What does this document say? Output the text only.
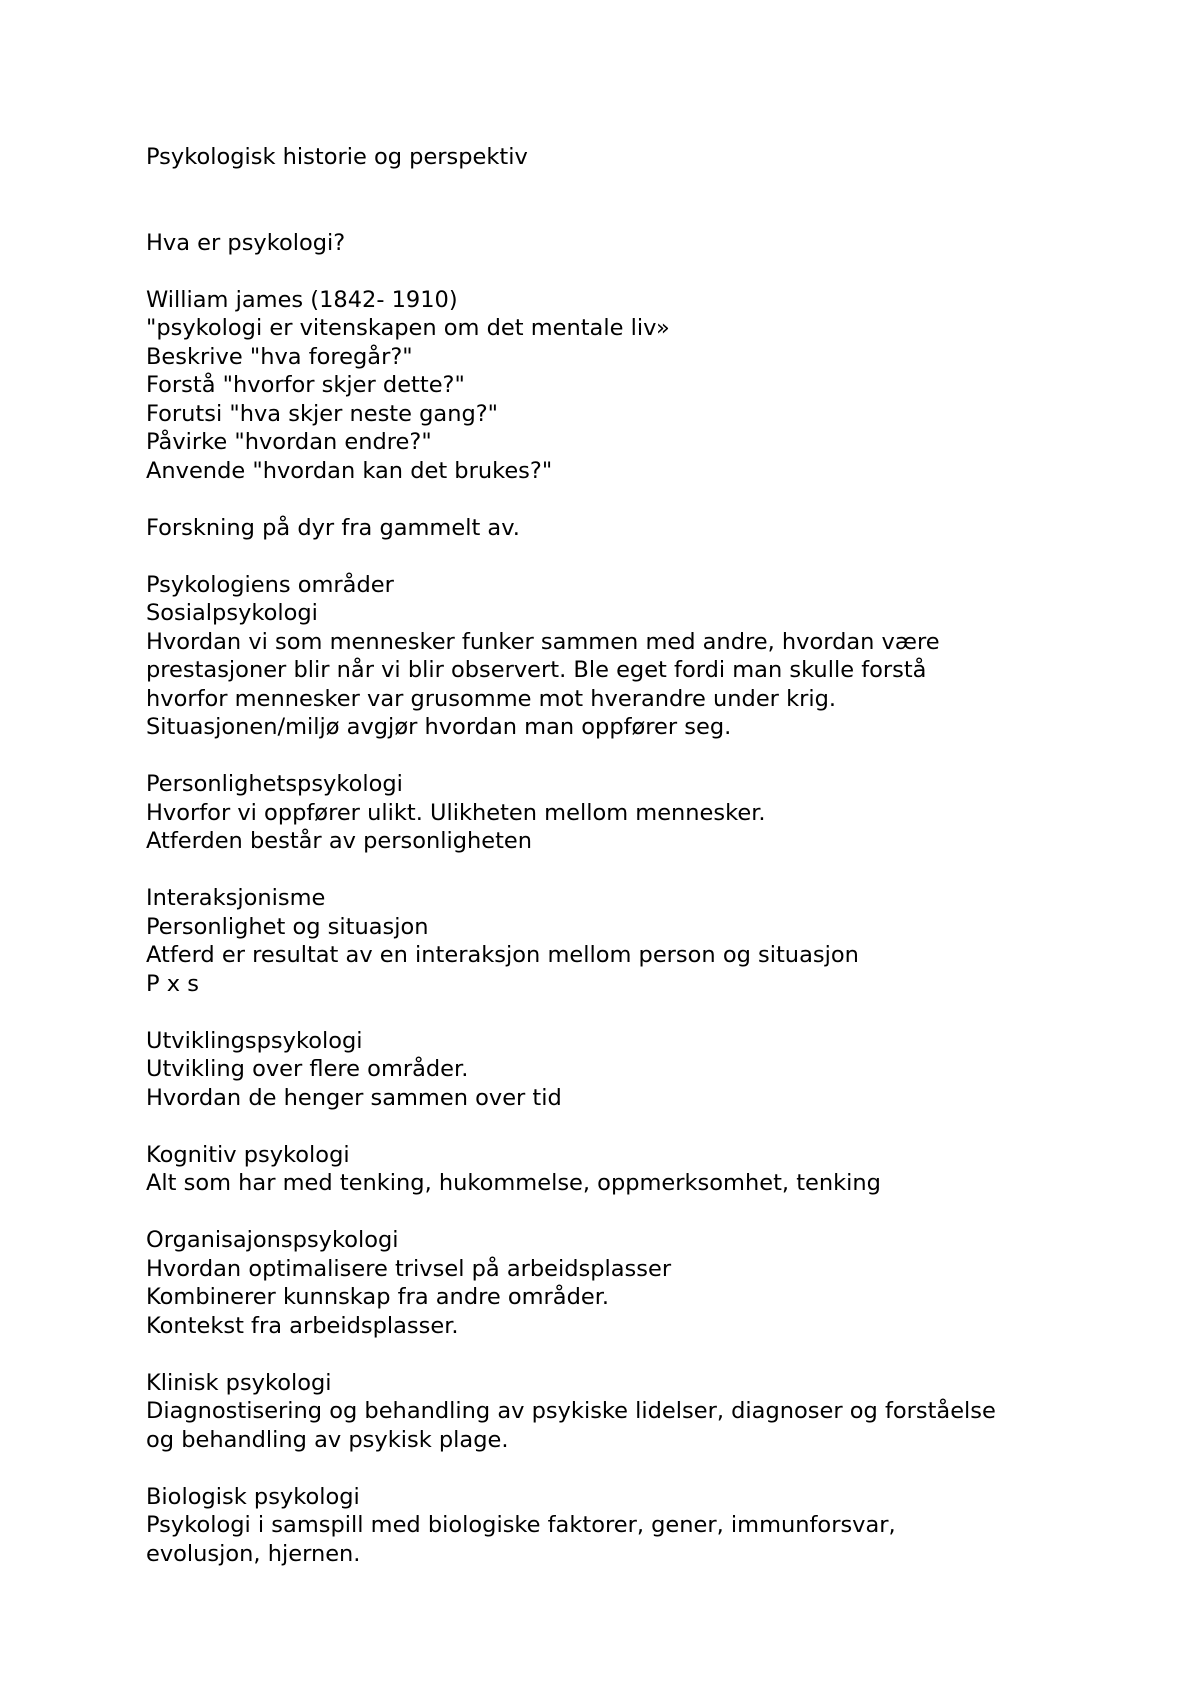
Psykologisk historie og perspektiv
Hva er psykologi?
William james (1842- 1910)
"psykologi er vitenskapen om det mentale liv»
Beskrive "hva foregår?"
Forstå "hvorfor skjer dette?"
Forutsi "hva skjer neste gang?"
Påvirke "hvordan endre?"
Anvende "hvordan kan det brukes?"
Forskning på dyr fra gammelt av.
Psykologiens områder
Sosialpsykologi
Hvordan vi som mennesker funker sammen med andre, hvordan være
prestasjoner blir når vi blir observert. Ble eget fordi man skulle forstå
hvorfor mennesker var grusomme mot hverandre under krig.
Situasjonen/miljø avgjør hvordan man oppfører seg.
Personlighetspsykologi
Hvorfor vi oppfører ulikt. Ulikheten mellom mennesker.
Atferden består av personligheten
Interaksjonisme
Personlighet og situasjon
Atferd er resultat av en interaksjon mellom person og situasjon
P x s
Utviklingspsykologi
Utvikling over flere områder.
Hvordan de henger sammen over tid
Kognitiv psykologi
Alt som har med tenking, hukommelse, oppmerksomhet, tenking
Organisajonspsykologi
Hvordan optimalisere trivsel på arbeidsplasser
Kombinerer kunnskap fra andre områder.
Kontekst fra arbeidsplasser.
Klinisk psykologi
Diagnostisering og behandling av psykiske lidelser, diagnoser og forståelse
og behandling av psykisk plage.
Biologisk psykologi
Psykologi i samspill med biologiske faktorer, gener, immunforsvar,
evolusjon, hjernen.
